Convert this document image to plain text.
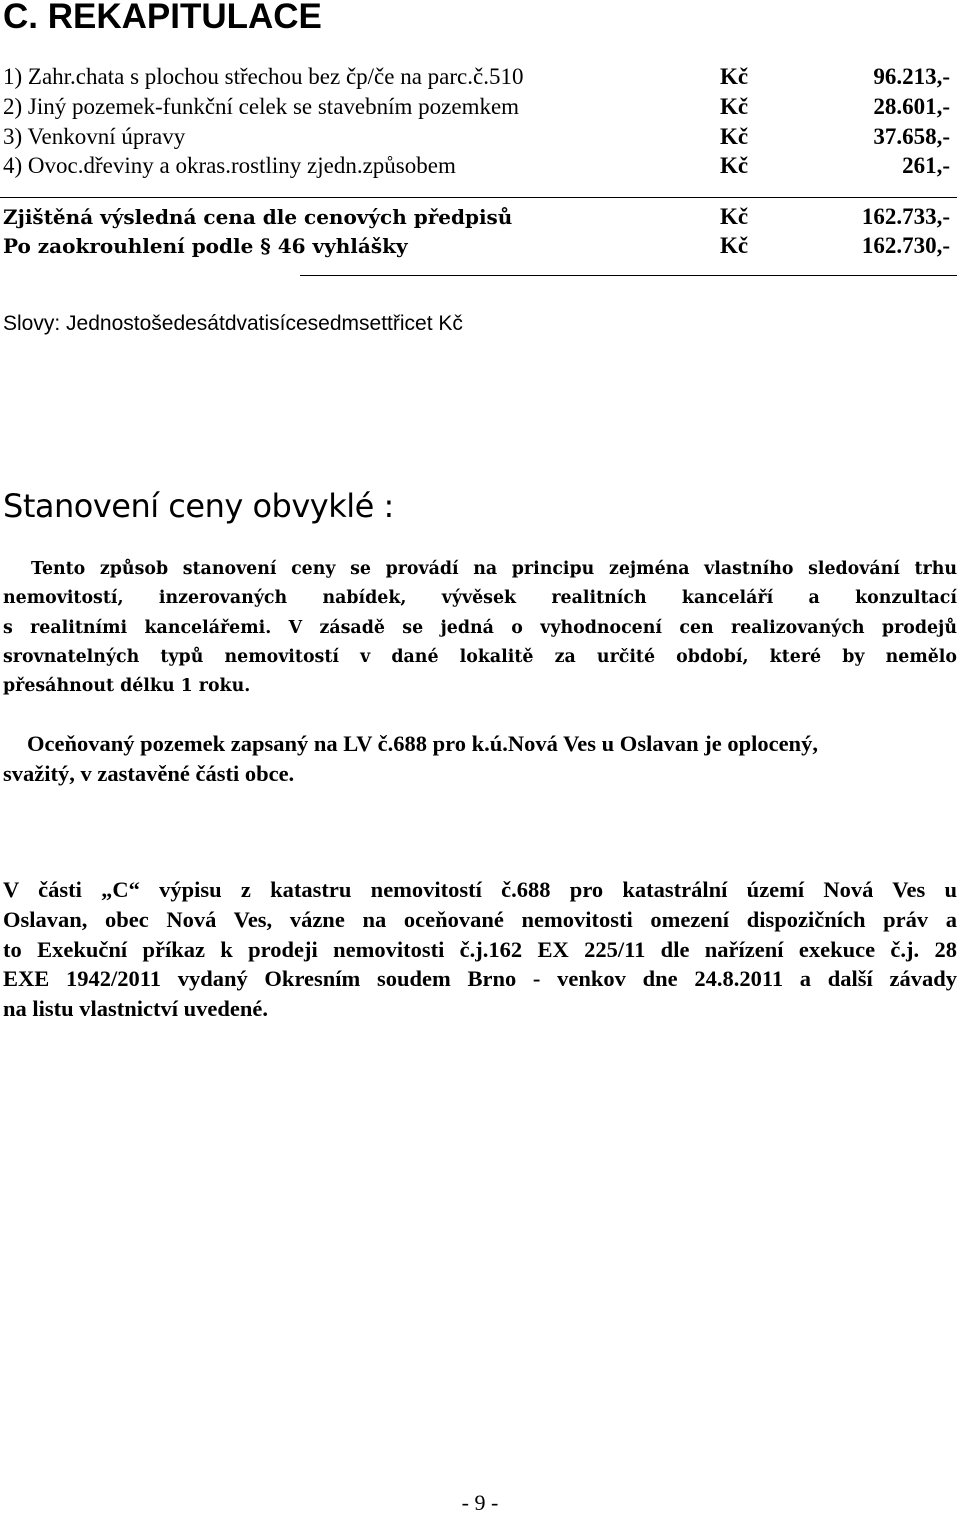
C. REKAPITULACE
1) Zahr.chata s plochou střechou bez čp/če na parc.č.510	Kč	96.213,-
2) Jiný pozemek-funkční celek se stavebním pozemkem	Kč	28.601,-
3) Venkovní úpravy	Kč	37.658,-
4) Ovoc.dřeviny a okras.rostliny zjedn.způsobem	Kč	261,-
Zjištěná výsledná cena dle cenových předpisů	Kč	162.733,-
Po zaokrouhlení podle § 46 vyhlášky	Kč	162.730,-
Slovy: Jednostošedesátdvatisícesedmsettřicet Kč
Stanovení ceny obvyklé :
Tento způsob stanovení ceny se provádí na principu zejména vlastního sledování trhu
nemovitostí, inzerovaných nabídek, vývěsek realitních kanceláří a konzultací
s realitními kancelářemi. V zásadě se jedná o vyhodnocení cen realizovaných prodejů
srovnatelných typů nemovitostí v dané lokalitě za určité období, které by nemělo
přesáhnout délku 1 roku.
Oceňovaný pozemek zapsaný na LV č.688 pro k.ú.Nová Ves u Oslavan je oplocený,
svažitý, v zastavěné části obce.
V části „C“ výpisu z katastru nemovitostí č.688 pro katastrální území Nová Ves u
Oslavan, obec Nová Ves, vázne na oceňované nemovitosti omezení dispozičních práv a
to Exekuční příkaz k prodeji nemovitosti č.j.162 EX 225/11 dle nařízení exekuce č.j. 28
EXE 1942/2011 vydaný Okresním soudem Brno - venkov dne 24.8.2011 a další závady
na listu vlastnictví uvedené.
- 9 -
